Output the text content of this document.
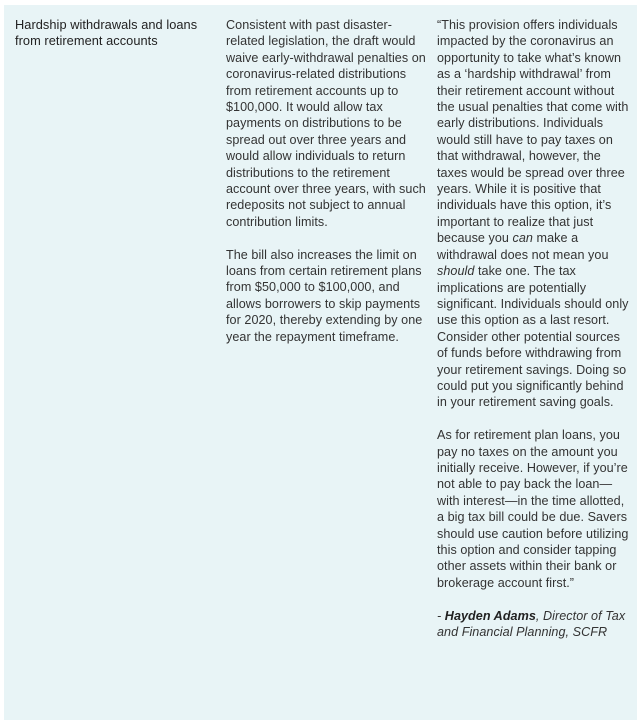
Hardship withdrawals and loans from retirement accounts

Consistent with past disaster-related legislation, the draft would waive early-withdrawal penalties on coronavirus-related distributions from retirement accounts up to $100,000. It would allow tax payments on distributions to be spread out over three years and would allow individuals to return distributions to the retirement account over three years, with such redeposits not subject to annual contribution limits.

The bill also increases the limit on loans from certain retirement plans from $50,000 to $100,000, and allows borrowers to skip payments for 2020, thereby extending by one year the repayment timeframe.

“This provision offers individuals impacted by the coronavirus an opportunity to take what’s known as a ‘hardship withdrawal’ from their retirement account without the usual penalties that come with early distributions. Individuals would still have to pay taxes on that withdrawal, however, the taxes would be spread over three years. While it is positive that individuals have this option, it’s important to realize that just because you can make a withdrawal does not mean you should take one. The tax implications are potentially significant. Individuals should only use this option as a last resort. Consider other potential sources of funds before withdrawing from your retirement savings. Doing so could put you significantly behind in your retirement saving goals.

As for retirement plan loans, you pay no taxes on the amount you initially receive. However, if you’re not able to pay back the loan—with interest—in the time allotted, a big tax bill could be due. Savers should use caution before utilizing this option and consider tapping other assets within their bank or brokerage account first.”

- Hayden Adams, Director of Tax and Financial Planning, SCFR
